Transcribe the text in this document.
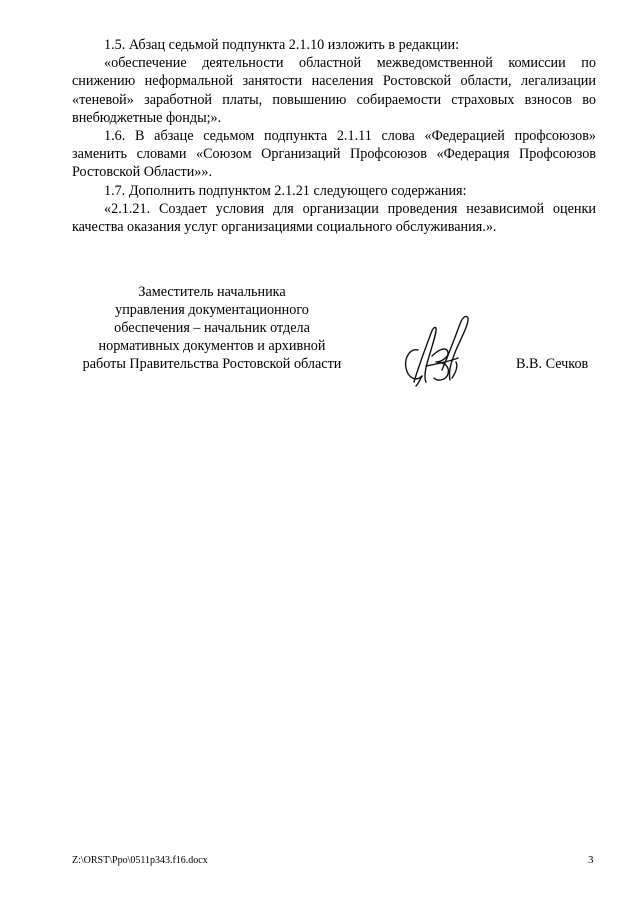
1.5. Абзац седьмой подпункта 2.1.10 изложить в редакции:

«обеспечение деятельности областной межведомственной комиссии по снижению неформальной занятости населения Ростовской области, легализации «теневой» заработной платы, повышению собираемости страховых взносов во внебюджетные фонды;».

1.6. В абзаце седьмом подпункта 2.1.11 слова «Федерацией профсоюзов» заменить словами «Союзом Организаций Профсоюзов «Федерация Профсоюзов Ростовской Области»».

1.7. Дополнить подпунктом 2.1.21 следующего содержания:

«2.1.21. Создает условия для организации проведения независимой оценки качества оказания услуг организациями социального обслуживания.».

Заместитель начальника
управления документационного
обеспечения – начальник отдела
нормативных документов и архивной
работы Правительства Ростовской области	В.В. Сечков
Z:\ORST\Ppo\0511p343.f16.docx	3
